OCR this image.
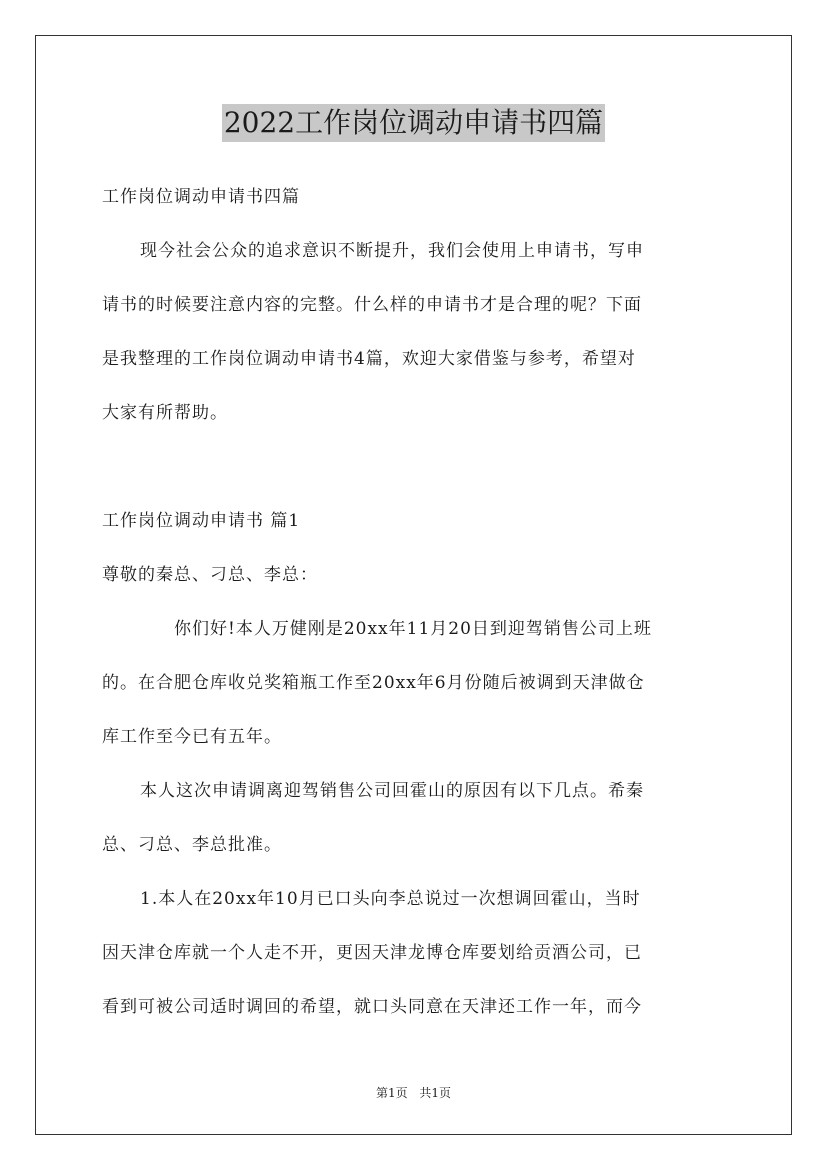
2022工作岗位调动申请书四篇
工作岗位调动申请书四篇
现今社会公众的追求意识不断提升，我们会使用上申请书，写申
请书的时候要注意内容的完整。什么样的申请书才是合理的呢？下面
是我整理的工作岗位调动申请书4篇，欢迎大家借鉴与参考，希望对
大家有所帮助。
工作岗位调动申请书 篇1
尊敬的秦总、刁总、李总：
你们好!本人万健刚是20xx年11月20日到迎驾销售公司上班
的。在合肥仓库收兑奖箱瓶工作至20xx年6月份随后被调到天津做仓
库工作至今已有五年。
本人这次申请调离迎驾销售公司回霍山的原因有以下几点。希秦
总、刁总、李总批准。
1.本人在20xx年10月已口头向李总说过一次想调回霍山，当时
因天津仓库就一个人走不开，更因天津龙博仓库要划给贡酒公司，已
看到可被公司适时调回的希望，就口头同意在天津还工作一年，而今
第1页 共1页
